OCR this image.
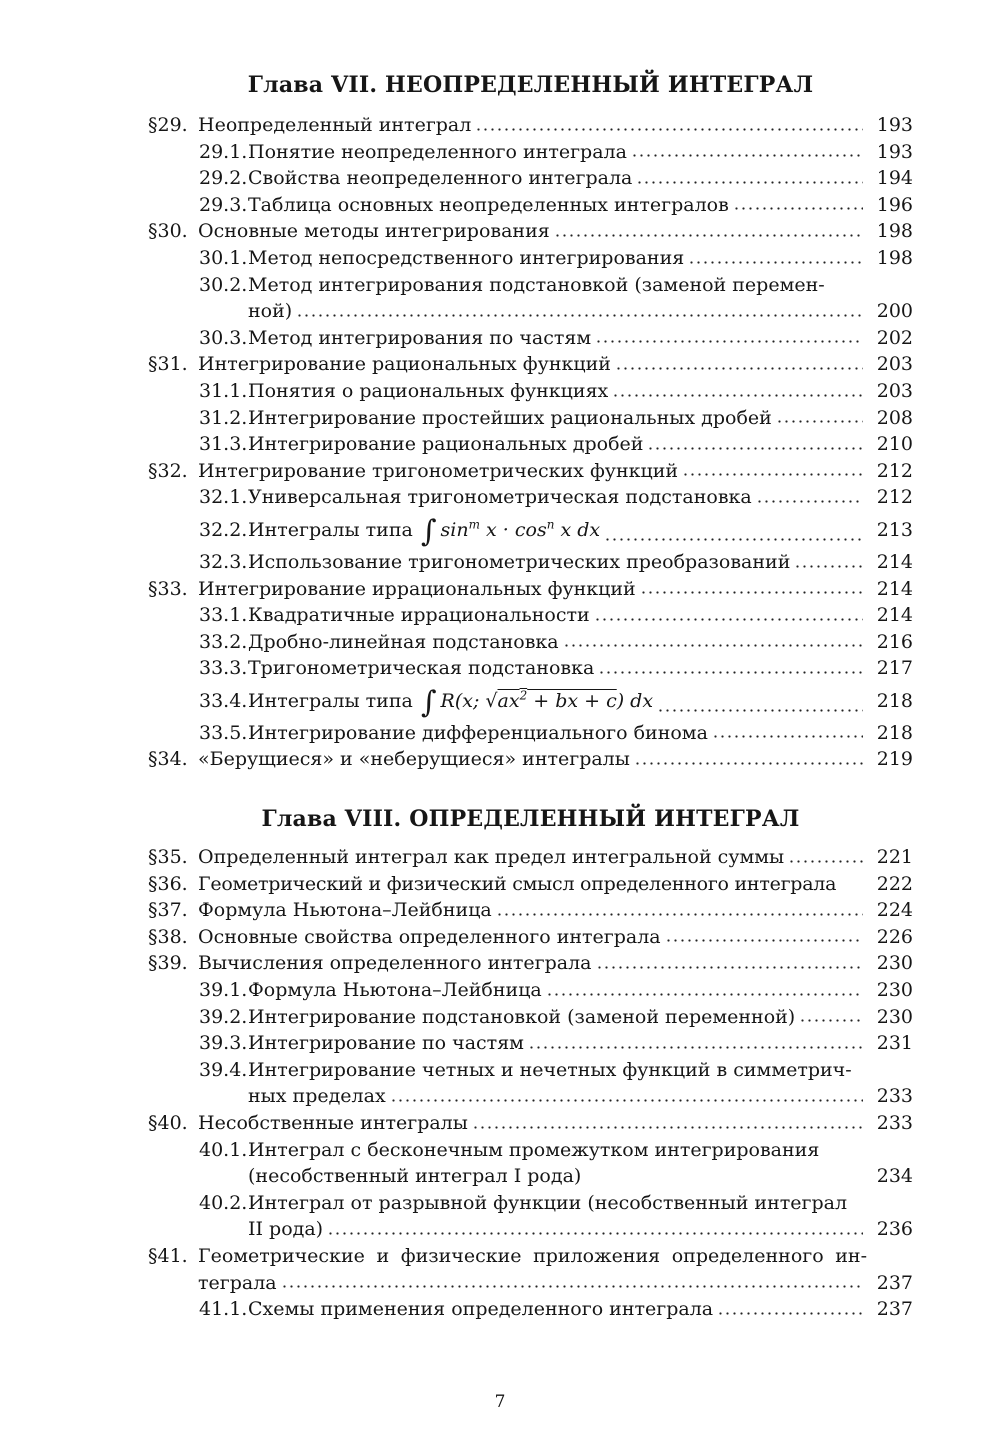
Глава VII. НЕОПРЕДЕЛЕННЫЙ ИНТЕГРАЛ
§29. Неопределенный интеграл	193
29.1. Понятие неопределенного интеграла	193
29.2. Свойства неопределенного интеграла	194
29.3. Таблица основных неопределенных интегралов	196
§30. Основные методы интегрирования	198
30.1. Метод непосредственного интегрирования	198
30.2. Метод интегрирования подстановкой (заменой перемен-
ной)	200
30.3. Метод интегрирования по частям	202
§31. Интегрирование рациональных функций	203
31.1. Понятия о рациональных функциях	203
31.2. Интегрирование простейших рациональных дробей	208
31.3. Интегрирование рациональных дробей	210
§32. Интегрирование тригонометрических функций	212
32.1. Универсальная тригонометрическая подстановка	212
32.2. Интегралы типа ∫ $\sin^m x \cdot \cos^n x$ dx	213
32.3. Использование тригонометрических преобразований	214
§33. Интегрирование иррациональных функций	214
33.1. Квадратичные иррациональности	214
33.2. Дробно-линейная подстановка	216
33.3. Тригонометрическая подстановка	217
33.4. Интегралы типа ∫ R(x; $√ax^2$ + bx + c) dx	218
33.5. Интегрирование дифференциального бинома	218
§34. «Берущиеся» и «неберущиеся» интегралы	219
Глава VIII. ОПРЕДЕЛЕННЫЙ ИНТЕГРАЛ
§35. Определенный интеграл как предел интегральной суммы	221
§36. Геометрический и физический смысл определенного интеграла	222
§37. Формула Ньютона–Лейбница	224
§38. Основные свойства определенного интеграла	226
§39. Вычисления определенного интеграла	230
39.1. Формула Ньютона–Лейбница	230
39.2. Интегрирование подстановкой (заменой переменной)	230
39.3. Интегрирование по частям	231
39.4. Интегрирование четных и нечетных функций в симметрич-
ных пределах	233
§40. Несобственные интегралы	233
40.1. Интеграл с бесконечным промежутком интегрирования
(несобственный интеграл I рода)	234
40.2. Интеграл от разрывной функции (несобственный интеграл
II рода)	236
§41. Геометрические и физические приложения определенного ин-
теграла	237
41.1. Схемы применения определенного интеграла	237
7
